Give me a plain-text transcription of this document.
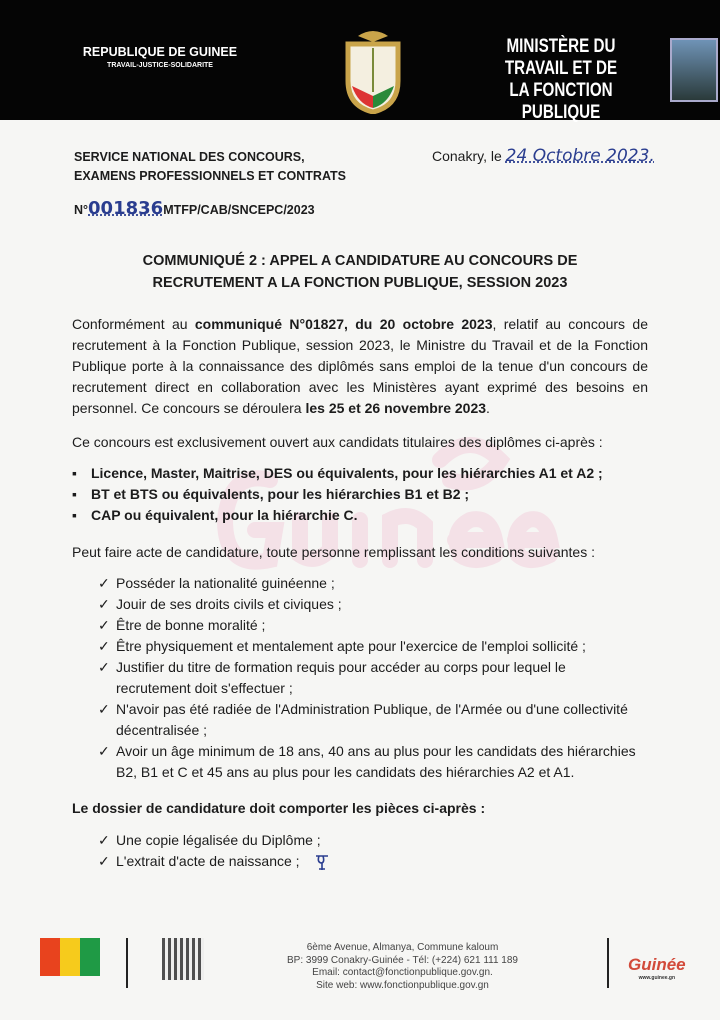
REPUBLIQUE DE GUINEE
TRAVAIL-JUSTICE-SOLIDARITE
MINISTÈRE DU TRAVAIL ET DE
LA FONCTION PUBLIQUE
SERVICE NATIONAL DES CONCOURS,
EXAMENS PROFESSIONNELS ET CONTRATS
Conakry, le 24 Octobre 2023.
N°001836MTFP/CAB/SNCEPC/2023
COMMUNIQUÉ 2 : APPEL A CANDIDATURE AU CONCOURS DE
RECRUTEMENT A LA FONCTION PUBLIQUE, SESSION 2023

Conformément au communiqué N°01827, du 20 octobre 2023, relatif au concours de recrutement à la Fonction Publique, session 2023, le Ministre du Travail et de la Fonction Publique porte à la connaissance des diplômés sans emploi de la tenue d'un concours de recrutement direct en collaboration avec les Ministères ayant exprimé des besoins en personnel. Ce concours se déroulera les 25 et 26 novembre 2023.

Ce concours est exclusivement ouvert aux candidats titulaires des diplômes ci-après :

▪ Licence, Master, Maitrise, DES ou équivalents, pour les hiérarchies A1 et A2 ;
▪ BT et BTS ou équivalents, pour les hiérarchies B1 et B2 ;
▪ CAP ou équivalent, pour la hiérarchie C.

Peut faire acte de candidature, toute personne remplissant les conditions suivantes :

✓ Posséder la nationalité guinéenne ;
✓ Jouir de ses droits civils et civiques ;
✓ Être de bonne moralité ;
✓ Être physiquement et mentalement apte pour l'exercice de l'emploi sollicité ;
✓ Justifier du titre de formation requis pour accéder au corps pour lequel le recrutement doit s'effectuer ;
✓ N'avoir pas été radiée de l'Administration Publique, de l'Armée ou d'une collectivité décentralisée ;
✓ Avoir un âge minimum de 18 ans, 40 ans au plus pour les candidats des hiérarchies B2, B1 et C et 45 ans au plus pour les candidats des hiérarchies A2 et A1.

Le dossier de candidature doit comporter les pièces ci-après :

✓ Une copie légalisée du Diplôme ;
✓ L'extrait d'acte de naissance ;
6ème Avenue, Almanya, Commune kaloum
BP: 3999 Conakry-Guinée - Tél: (+224) 621 111 189
Email: contact@fonctionpublique.gov.gn.
Site web: www.fonctionpublique.gov.gn
Guinée
www.guinee.gn
